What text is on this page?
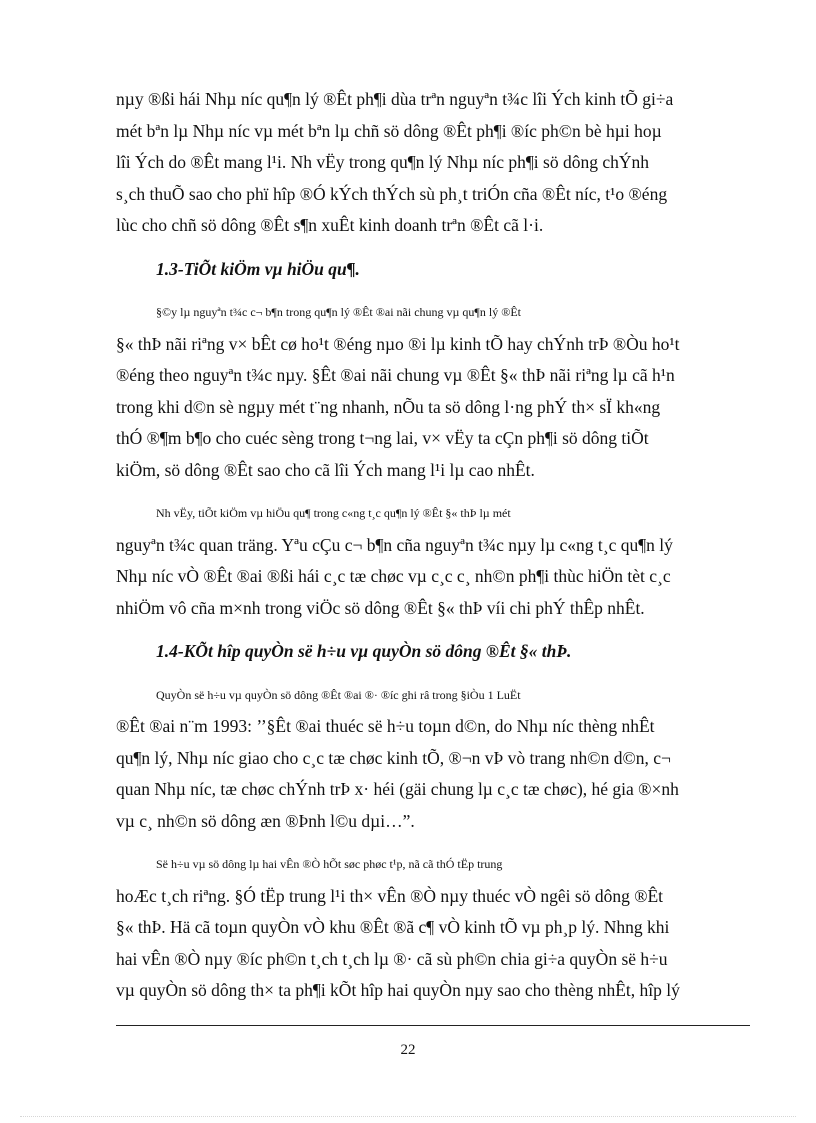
nµy ®ßi hái Nhµ níc qu¶n lý ®Êt ph¶i dùa trªn nguyªn t¾c lîi Ých kinh tÕ gi÷a
mét bªn lµ Nhµ níc vµ mét bªn lµ chñ sö dông ®Êt ph¶i ®íc ph©n bè hµi hoµ
lîi Ých do ®Êt mang l¹i. Nh vËy trong qu¶n lý Nhµ níc ph¶i sö dông chÝnh
s¸ch thuÕ sao cho phï hîp ®Ó kÝch thÝch sù ph¸t triÓn cña ®Êt níc, t¹o ®éng
lùc cho chñ sö dông ®Êt s¶n xuÊt kinh doanh trªn ®Êt cã l·i.

1.3-TiÕt kiÖm vµ hiÖu qu¶.

§©y lµ nguyªn t¾c c¬ b¶n trong qu¶n lý ®Êt ®ai nãi chung vµ qu¶n lý ®Êt
§« thÞ nãi riªng v× bÊt cø ho¹t ®éng nµo ®i lµ kinh tÕ hay chÝnh trÞ ®Òu ho¹t
®éng theo nguyªn t¾c nµy. §Êt ®ai nãi chung vµ ®Êt §« thÞ nãi riªng lµ cã h¹n
trong khi d©n sè ngµy mét t¨ng nhanh, nÕu ta sö dông l·ng phÝ th× sÏ kh«ng
thÓ ®¶m b¶o cho cuéc sèng trong t¬ng lai, v× vËy ta cÇn ph¶i sö dông tiÕt
kiÖm, sö dông ®Êt sao cho cã lîi Ých mang l¹i lµ cao nhÊt.

Nh vËy, tiÕt kiÖm vµ hiÖu qu¶ trong c«ng t¸c qu¶n lý ®Êt §« thÞ lµ mét
nguyªn t¾c quan träng. Yªu cÇu c¬ b¶n cña nguyªn t¾c nµy lµ c«ng t¸c qu¶n lý
Nhµ níc vÒ ®Êt ®ai ®ßi hái c¸c tæ chøc vµ c¸c c¸ nh©n ph¶i thùc hiÖn tèt c¸c
nhiÖm vô cña m×nh trong viÖc sö dông ®Êt §« thÞ víi chi phÝ thÊp nhÊt.

1.4-KÕt hîp quyÒn së h÷u vµ quyÒn sö dông ®Êt §« thÞ.

QuyÒn së h÷u vµ quyÒn sö dông ®Êt ®ai ®· ®íc ghi râ trong §iÒu 1 LuËt
®Êt ®ai n¨m 1993: ’’§Êt ®ai thuéc së h÷u toµn d©n, do Nhµ níc thèng nhÊt
qu¶n lý, Nhµ níc giao cho c¸c tæ chøc kinh tÕ, ®¬n vÞ vò trang nh©n d©n, c¬
quan Nhµ níc, tæ chøc chÝnh trÞ x· héi (gäi chung lµ c¸c tæ chøc), hé gia ®×nh
vµ c¸ nh©n sö dông æn ®Þnh l©u dµi…”.

Së h÷u vµ sö dông lµ hai vÊn ®Ò hÕt søc phøc t¹p, nã cã thÓ tËp trung
hoÆc t¸ch riªng. §Ó tËp trung l¹i th× vÊn ®Ò nµy thuéc vÒ ngêi sö dông ®Êt
§« thÞ. Hä cã toµn quyÒn vÒ khu ®Êt ®ã c¶ vÒ kinh tÕ vµ ph¸p lý. Nhng khi
hai vÊn ®Ò nµy ®íc ph©n t¸ch t¸ch lµ ®· cã sù ph©n chia gi÷a quyÒn së h÷u
vµ quyÒn sö dông th× ta ph¶i kÕt hîp hai quyÒn nµy sao cho thèng nhÊt, hîp lý

22
